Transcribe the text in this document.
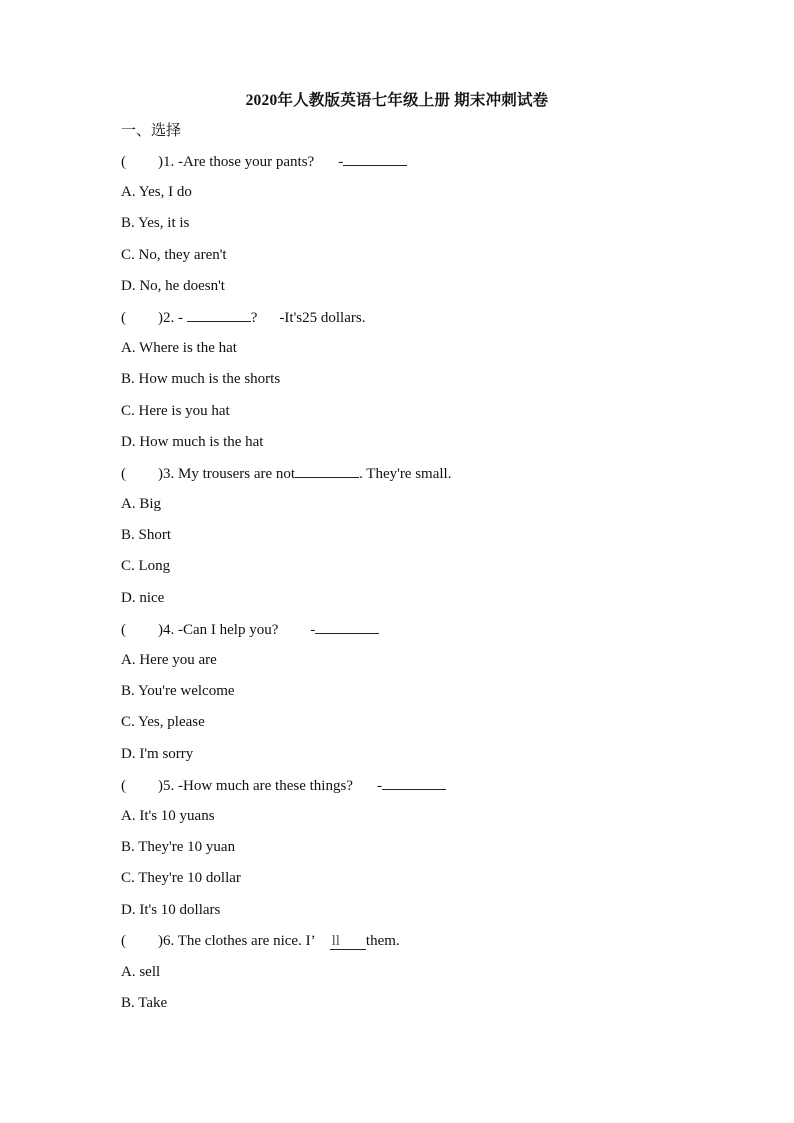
2020年人教版英语七年级上册 期末冲刺试卷
一、选择
( )1. -Are those your pants? -
A. Yes, I do
B. Yes, it is
C. No, they aren't
D. No, he doesn't
( )2. -	? -It's25 dollars.
A. Where is the hat
B. How much is the shorts
C. Here is you hat
D. How much is the hat
( )3. My trousers are not	. They're small.
A. Big
B. Short
C. Long
D. nice
( )4. -Can I help you? -
A. Here you are
B. You're welcome
C. Yes, please
D. I'm sorry
( )5. -How much are these things? -
A. It's 10 yuans
B. They're 10 yuan
C. They're 10 dollar
D. It's 10 dollars
( )6. The clothes are nice. I’ ll them.
A. sell
B. Take
